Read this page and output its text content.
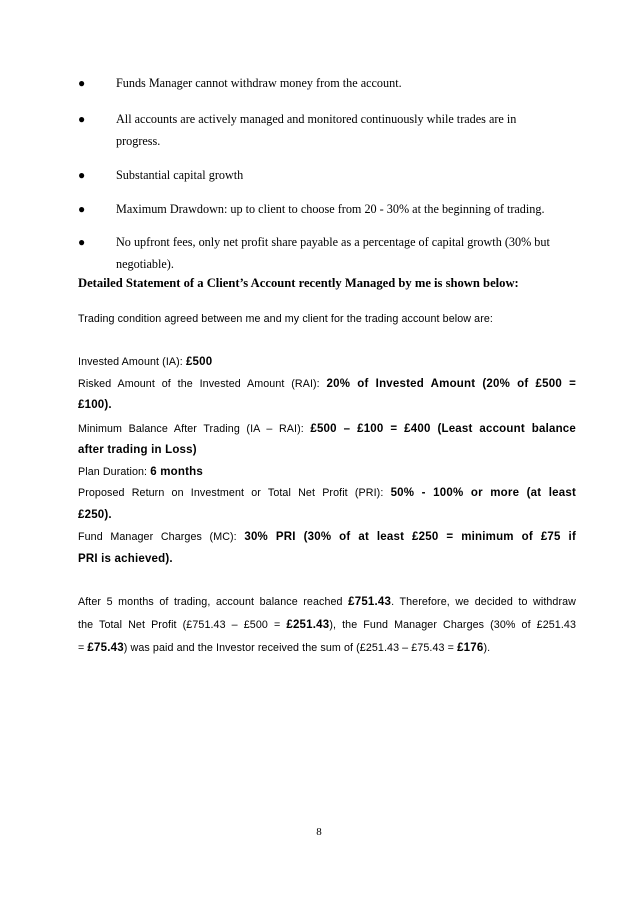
●	Funds Manager cannot withdraw money from the account.
●	All accounts are actively managed and monitored continuously while trades are in
progress.
●	Substantial capital growth
●	Maximum Drawdown: up to client to choose from 20 - 30% at the beginning of trading.
●	No upfront fees, only net profit share payable as a percentage of capital growth (30% but
negotiable).
Detailed Statement of a Client’s Account recently Managed by me is shown below:
Trading condition agreed between me and my client for the trading account below are:
Invested Amount (IA): £500
Risked Amount of the Invested Amount (RAI): 20% of Invested Amount (20% of £500 =
£100).
Minimum Balance After Trading (IA – RAI): £500 – £100 = £400 (Least account balance
after trading in Loss)
Plan Duration: 6 months
Proposed Return on Investment or Total Net Profit (PRI): 50% - 100% or more (at least
£250).
Fund Manager Charges (MC): 30% PRI (30% of at least £250 = minimum of £75 if
PRI is achieved).
After 5 months of trading, account balance reached £751.43. Therefore, we decided to withdraw
the Total Net Profit (£751.43 – £500 = £251.43), the Fund Manager Charges (30% of £251.43
= £75.43) was paid and the Investor received the sum of (£251.43 – £75.43 = £176).
8
